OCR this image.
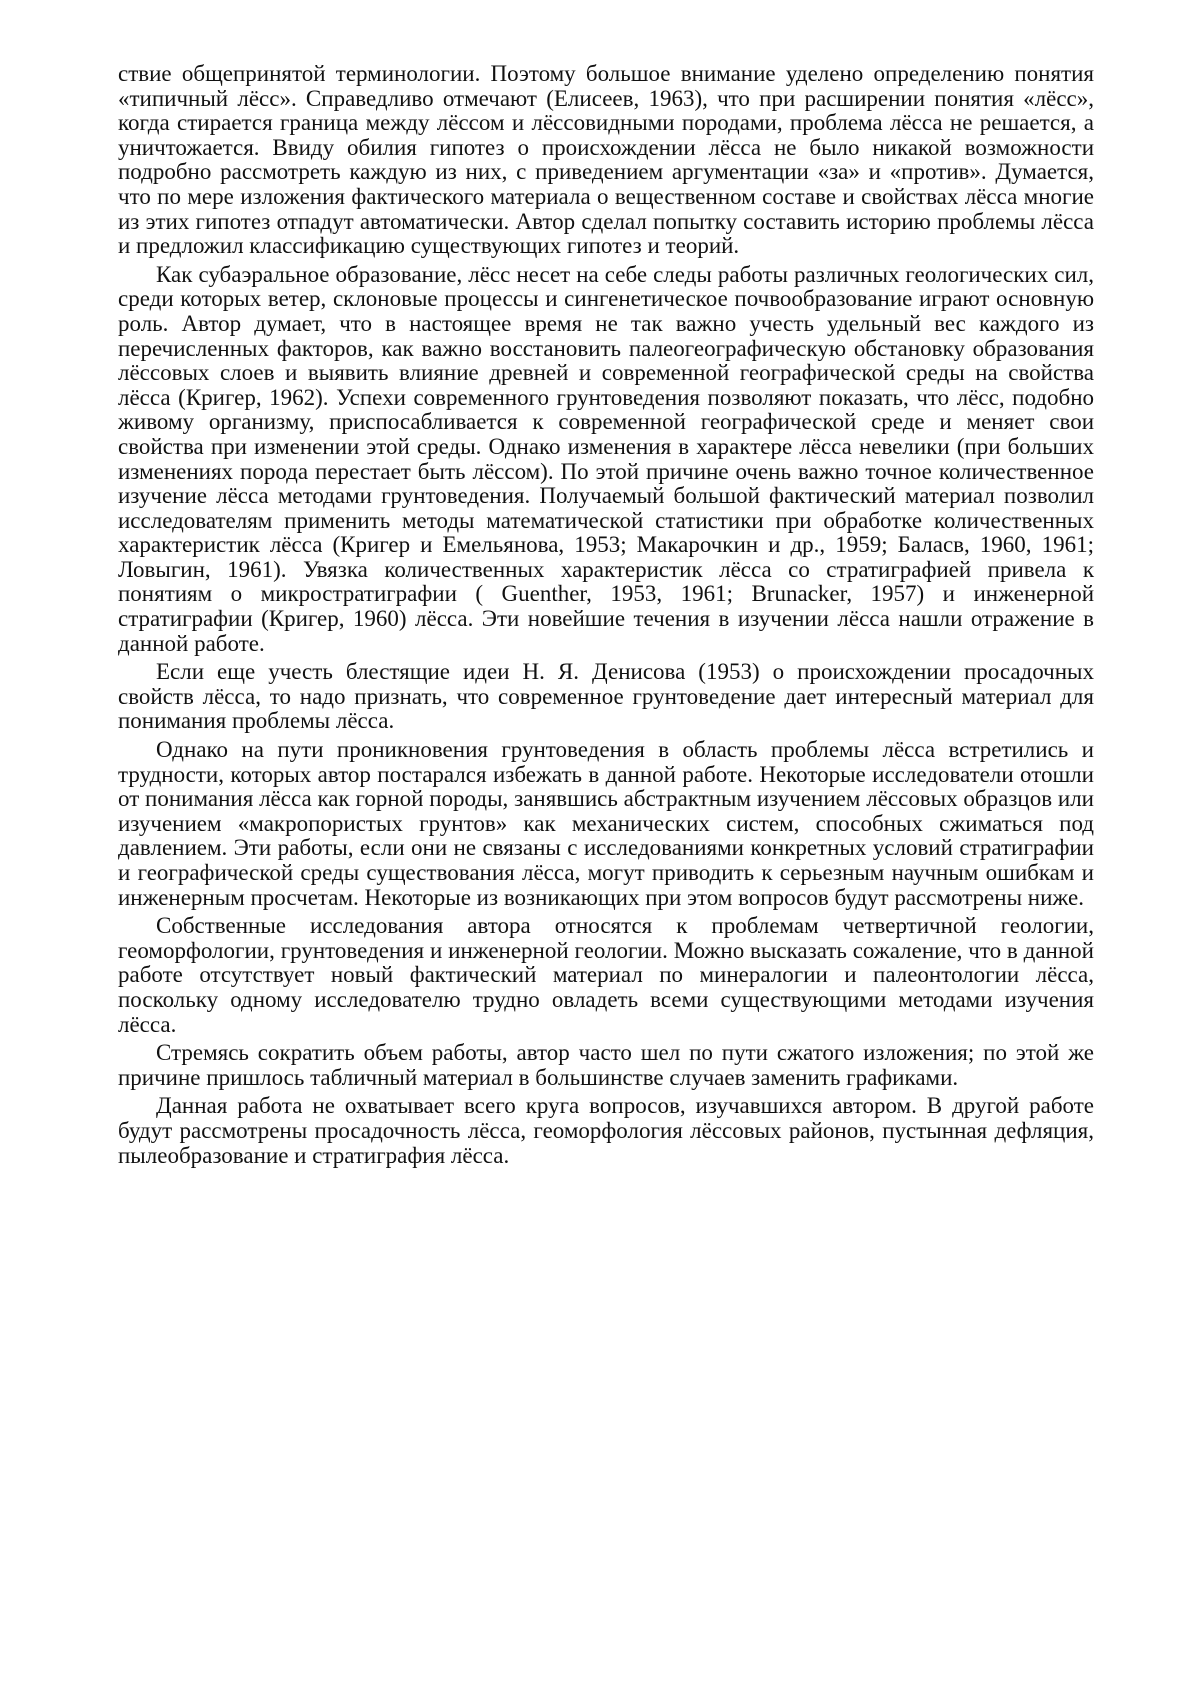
ствие общепринятой терминологии. Поэтому большое внимание уделено определению понятия «типичный лёсс». Справедливо отмечают (Елисеев, 1963), что при расширении понятия «лёсс», когда стирается граница между лёссом и лёссовидными породами, проблема лёсса не решается, а уничтожается. Ввиду обилия гипотез о происхождении лёсса не было никакой возможности подробно рассмотреть каждую из них, с приведением аргументации «за» и «против». Думается, что по мере изложения фактического материала о вещественном составе и свойствах лёсса многие из этих гипотез отпадут автоматически. Автор сделал попытку составить историю проблемы лёсса и предложил классификацию существующих гипотез и теорий.

Как субаэральное образование, лёсс несет на себе следы работы различных геологических сил, среди которых ветер, склоновые процессы и сингенетическое почвообразование играют основную роль. Автор думает, что в настоящее время не так важно учесть удельный вес каждого из перечисленных факторов, как важно восстановить палеогеографическую обстановку образования лёссовых слоев и выявить влияние древней и современной географической среды на свойства лёсса (Кригер, 1962). Успехи современного грунтоведения позволяют показать, что лёсс, подобно живому организму, приспосабливается к современной географической среде и меняет свои свойства при изменении этой среды. Однако изменения в характере лёсса невелики (при больших изменениях порода перестает быть лёссом). По этой причине очень важно точное количественное изучение лёсса методами грунтоведения. Получаемый большой фактический материал позволил исследователям применить методы математической статистики при обработке количественных характеристик лёсса (Кригер и Емельянова, 1953; Макарочкин и др., 1959; Баласв, 1960, 1961; Ловыгин, 1961). Увязка количественных характеристик лёсса со стратиграфией привела к понятиям о микростратиграфии ( Guenther, 1953, 1961; Brunacker, 1957) и инженерной стратиграфии (Кригер, 1960) лёсса. Эти новейшие течения в изучении лёсса нашли отражение в данной работе.

Если еще учесть блестящие идеи Н. Я. Денисова (1953) о происхождении просадочных свойств лёсса, то надо признать, что современное грунтоведение дает интересный материал для понимания проблемы лёсса.

Однако на пути проникновения грунтоведения в область проблемы лёсса встретились и трудности, которых автор постарался избежать в данной работе. Некоторые исследователи отошли от понимания лёсса как горной породы, занявшись абстрактным изучением лёссовых образцов или изучением «макропористых грунтов» как механических систем, способных сжиматься под давлением. Эти работы, если они не связаны с исследованиями конкретных условий стратиграфии и географической среды существования лёсса, могут приводить к серьезным научным ошибкам и инженерным просчетам. Некоторые из возникающих при этом вопросов будут рассмотрены ниже.

Собственные исследования автора относятся к проблемам четвертичной геологии, геоморфологии, грунтоведения и инженерной геологии. Можно высказать сожаление, что в данной работе отсутствует новый фактический материал по минералогии и палеонтологии лёсса, поскольку одному исследователю трудно овладеть всеми существующими методами изучения лёсса.

Стремясь сократить объем работы, автор часто шел по пути сжатого изложения; по этой же причине пришлось табличный материал в большинстве случаев заменить графиками.

Данная работа не охватывает всего круга вопросов, изучавшихся автором. В другой работе будут рассмотрены просадочность лёсса, геоморфология лёссовых районов, пустынная дефляция, пылеобразование и стратиграфия лёсса.
